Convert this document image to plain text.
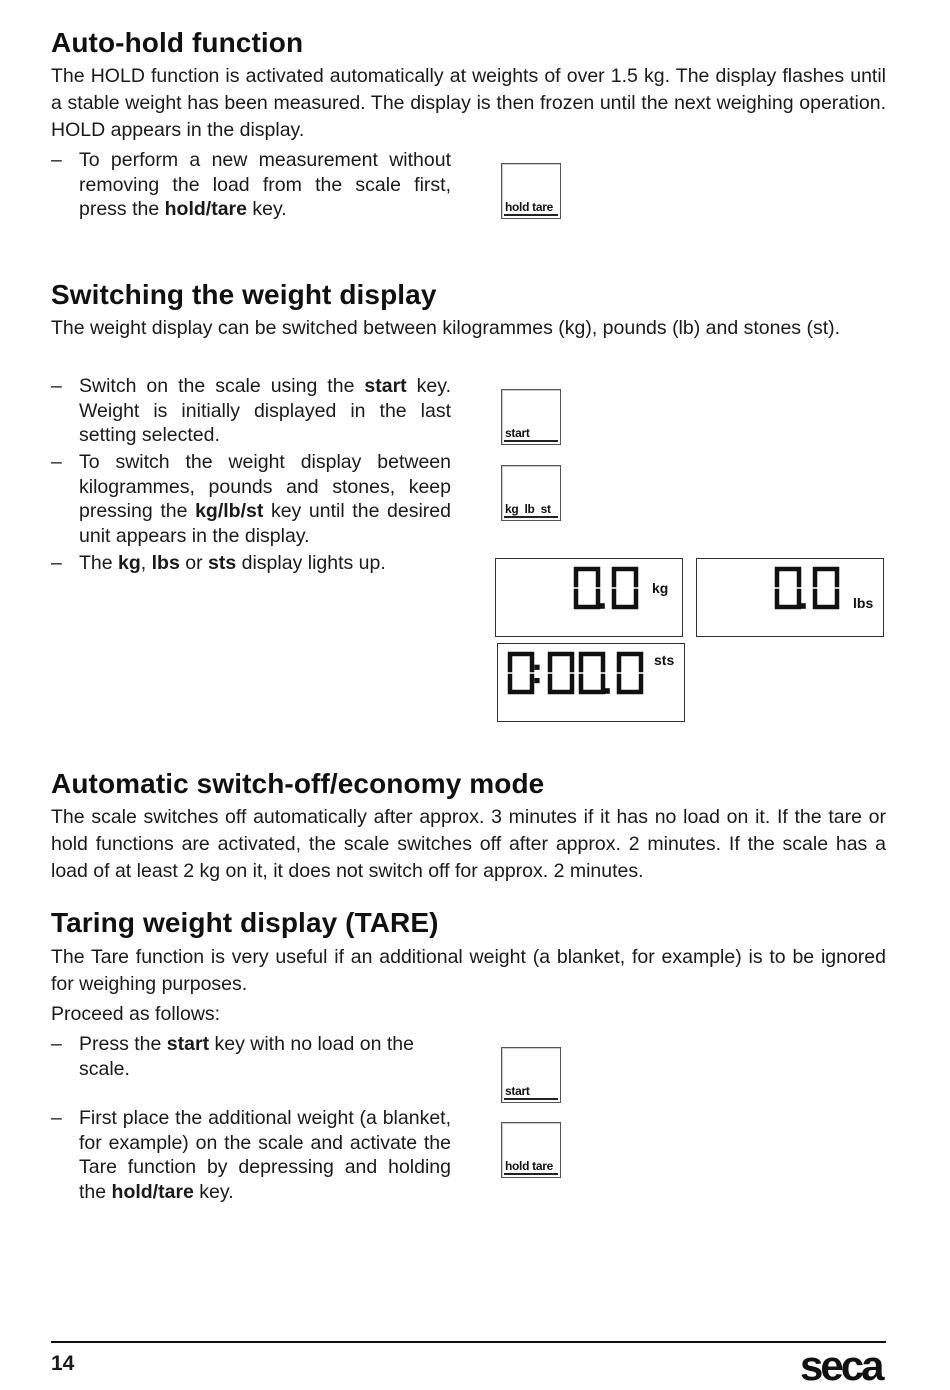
Auto-hold function

The HOLD function is activated automatically at weights of over 1.5 kg. The display flashes until a stable weight has been measured. The display is then frozen until the next weighing operation. HOLD appears in the display.

– To perform a new measurement without removing the load from the scale first, press the hold/tare key.	hold tare
Switching the weight display

The weight display can be switched between kilogrammes (kg), pounds (lb) and stones (st).

– Switch on the scale using the start key. Weight is initially displayed in the last setting selected.
– To switch the weight display between kilogrammes, pounds and stones, keep pressing the kg/lb/st key until the desired unit appears in the display.
– The kg, lbs or sts display lights up.
start
kg  lb  st
kg
lbs
sts
Automatic switch-off/economy mode

The scale switches off automatically after approx. 3 minutes if it has no load on it. If the tare or hold functions are activated, the scale switches off after approx. 2 minutes. If the scale has a load of at least 2 kg on it, it does not switch off for approx. 2 minutes.

Taring weight display (TARE)

The Tare function is very useful if an additional weight (a blanket, for example) is to be ignored for weighing purposes.

Proceed as follows:

– Press the start key with no load on the scale.
– First place the additional weight (a blanket, for example) on the scale and activate the Tare function by depressing and holding the hold/tare key.
start
hold tare
14	seca
